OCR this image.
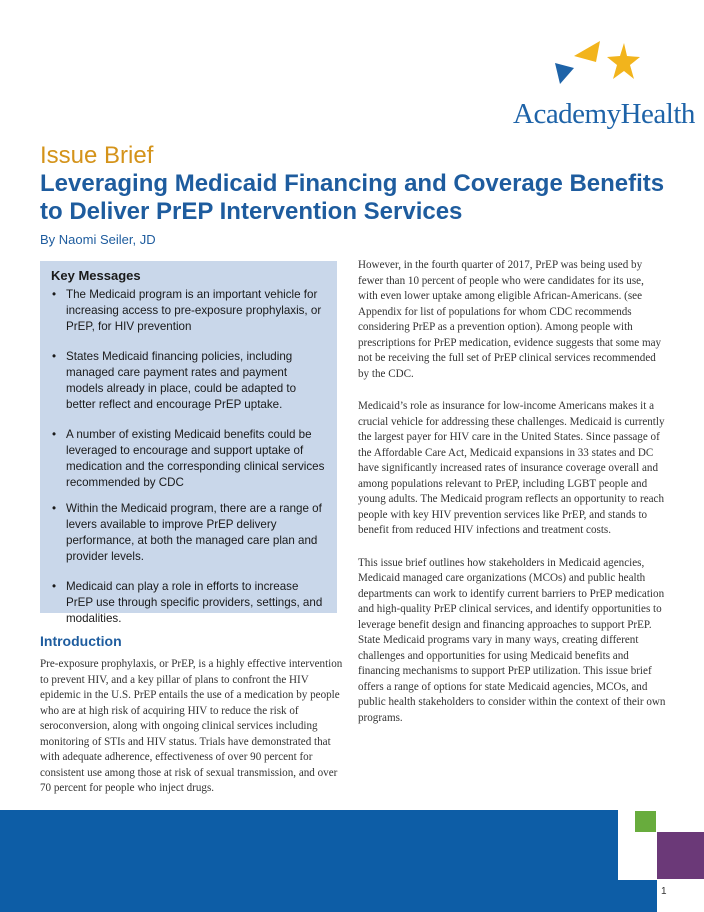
AcademyHealth
Issue Brief
Leveraging Medicaid Financing and Coverage Benefits to Deliver PrEP Intervention Services
By Naomi Seiler, JD
Key Messages
• The Medicaid program is an important vehicle for increasing access to pre-exposure prophylaxis, or PrEP, for HIV prevention
• States Medicaid financing policies, including managed care payment rates and payment models already in place, could be adapted to better reflect and encourage PrEP uptake.
• A number of existing Medicaid benefits could be leveraged to encourage and support uptake of medication and the corresponding clinical services recommended by CDC
• Within the Medicaid program, there are a range of levers available to improve PrEP delivery performance, at both the managed care plan and provider levels.
• Medicaid can play a role in efforts to increase PrEP use through specific providers, settings, and modalities.
Introduction
Pre-exposure prophylaxis, or PrEP, is a highly effective intervention to prevent HIV, and a key pillar of plans to confront the HIV epidemic in the U.S. PrEP entails the use of a medication by people who are at high risk of acquiring HIV to reduce the risk of seroconversion, along with ongoing clinical services including monitoring of STIs and HIV status. Trials have demonstrated that with adequate adherence, effectiveness of over 90 percent for consistent use among those at risk of sexual transmission, and over 70 percent for people who inject drugs.

However, in the fourth quarter of 2017, PrEP was being used by fewer than 10 percent of people who were candidates for its use, with even lower uptake among eligible African-Americans. (see Appendix for list of populations for whom CDC recommends considering PrEP as a prevention option). Among people with prescriptions for PrEP medication, evidence suggests that some may not be receiving the full set of PrEP clinical services recommended by the CDC.

Medicaid’s role as insurance for low-income Americans makes it a crucial vehicle for addressing these challenges. Medicaid is currently the largest payer for HIV care in the United States. Since passage of the Affordable Care Act, Medicaid expansions in 33 states and DC have significantly increased rates of insurance coverage overall and among populations relevant to PrEP, including LGBT people and young adults. The Medicaid program reflects an opportunity to reach people with key HIV prevention services like PrEP, and stands to benefit from reduced HIV infections and treatment costs.

This issue brief outlines how stakeholders in Medicaid agencies, Medicaid managed care organizations (MCOs) and public health departments can work to identify current barriers to PrEP medication and high-quality PrEP clinical services, and identify opportunities to leverage benefit design and financing approaches to support PrEP. State Medicaid programs vary in many ways, creating different challenges and opportunities for using Medicaid benefits and financing mechanisms to support PrEP utilization. This issue brief offers a range of options for state Medicaid agencies, MCOs, and public health stakeholders to consider within the context of their own programs.

1
